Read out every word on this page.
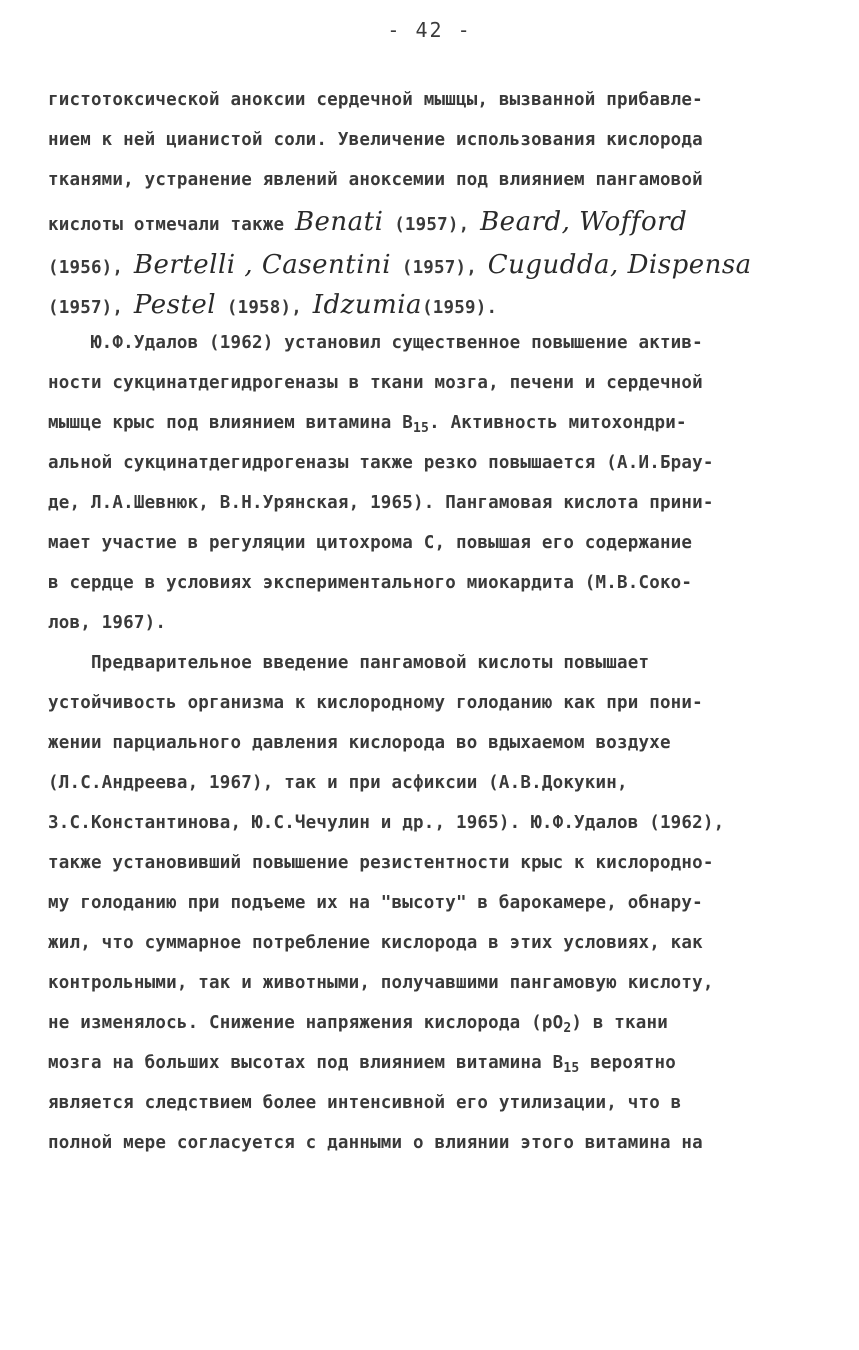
- 42 -
гистотоксической аноксии сердечной мышцы, вызванной прибавле-
нием к ней цианистой соли. Увеличение использования кислорода
тканями, устранение явлений аноксемии под влиянием пангамовой
кислоты отмечали также Benati (1957), Beard, Wofford
(1956), Bertelli , Casentini (1957), Cugudda, Dispensa
(1957), Pestel (1958), Idzumia(1959).
Ю.Ф.Удалов (1962) установил существенное повышение актив-
ности сукцинатдегидрогеназы в ткани мозга, печени и сердечной
мышце крыс под влиянием витамина $B_{15}$. Активность митохондри-
альной сукцинатдегидрогеназы также резко повышается (А.И.Брау-
де, Л.А.Шевнюк, В.Н.Урянская, 1965). Пангамовая кислота прини-
мает участие в регуляции цитохрома С, повышая его содержание
в сердце в условиях экспериментального миокардита (М.В.Соко-
лов, 1967).
Предварительное введение пангамовой кислоты повышает
устойчивость организма к кислородному голоданию как при пони-
жении парциального давления кислорода во вдыхаемом воздухе
(Л.С.Андреева, 1967), так и при асфиксии (А.В.Докукин,
З.С.Константинова, Ю.С.Чечулин и др., 1965). Ю.Ф.Удалов (1962),
также установивший повышение резистентности крыс к кислородно-
му голоданию при подъеме их на "высоту" в барокамере, обнару-
жил, что суммарное потребление кислорода в этих условиях, как
контрольными, так и животными, получавшими пангамовую кислоту,
не изменялось. Снижение напряжения кислорода $(pO_2)$ в ткани
мозга на больших высотах под влиянием витамина $B_{15}$ вероятно
является следствием более интенсивной его утилизации, что в
полной мере согласуется с данными о влиянии этого витамина на
